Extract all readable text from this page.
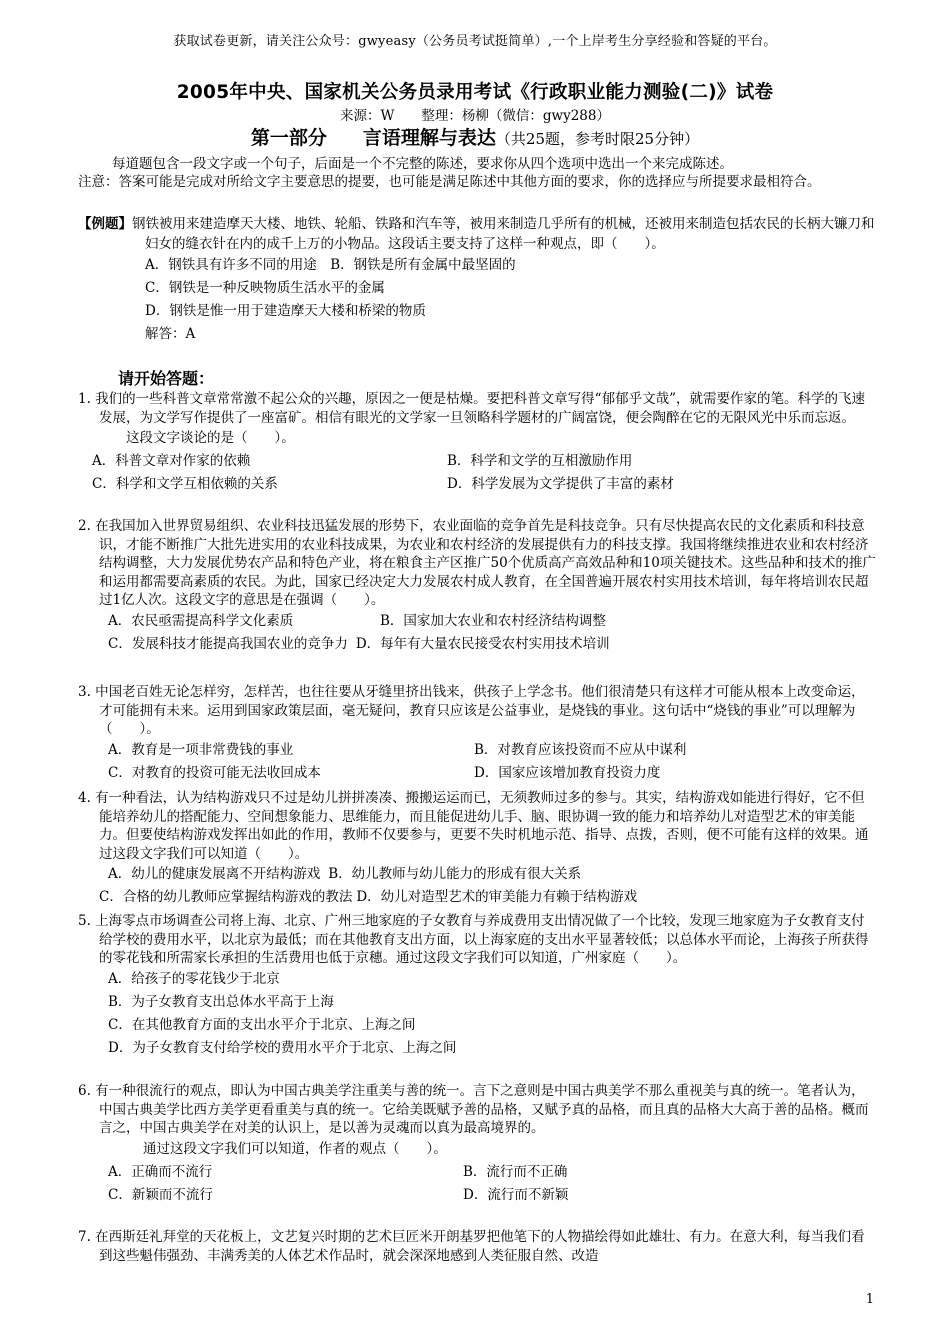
获取试卷更新，请关注公众号：gwyeasy（公务员考试挺简单）,一个上岸考生分享经验和答疑的平台。
2005年中央、国家机关公务员录用考试《行政职业能力测验(二)》试卷
来源：W　　整理：杨柳（微信：gwy288）
第一部分 言语理解与表达（共25题，参考时限25分钟）
每道题包含一段文字或一个句子，后面是一个不完整的陈述，要求你从四个选项中选出一个来完成陈述。
注意：答案可能是完成对所给文字主要意思的提要，也可能是满足陈述中其他方面的要求，你的选择应与所提要求最相符合。
【例题】钢铁被用来建造摩天大楼、地铁、轮船、铁路和汽车等，被用来制造几乎所有的机械，还被用来制造包括农民的长柄大镰刀和妇女的缝衣针在内的成千上万的小物品。这段话主要支持了这样一种观点，即（　　）。
A．钢铁具有许多不同的用途　B．钢铁是所有金属中最坚固的
C．钢铁是一种反映物质生活水平的金属
D．钢铁是惟一用于建造摩天大楼和桥梁的物质
解答：A
请开始答题：
1. 我们的一些科普文章常常激不起公众的兴趣，原因之一便是枯燥。要把科普文章写得“郁郁乎文哉”，就需要作家的笔。科学的飞速发展，为文学写作提供了一座富矿。相信有眼光的文学家一旦领略科学题材的广阔富饶，便会陶醉在它的无限风光中乐而忘返。
这段文字谈论的是（　　）。
A．科普文章对作家的依赖	B．科学和文学的互相激励作用
C．科学和文学互相依赖的关系	D．科学发展为文学提供了丰富的素材
2. 在我国加入世界贸易组织、农业科技迅猛发展的形势下，农业面临的竞争首先是科技竞争。只有尽快提高农民的文化素质和科技意识，才能不断推广大批先进实用的农业科技成果，为农业和农村经济的发展提供有力的科技支撑。我国将继续推进农业和农村经济结构调整，大力发展优势农产品和特色产业，将在粮食主产区推广50个优质高产高效品种和10项关键技术。这些品种和技术的推广和运用都需要高素质的农民。为此，国家已经决定大力发展农村成人教育，在全国普遍开展农村实用技术培训，每年将培训农民超过1亿人次。这段文字的意思是在强调（　　）。
A．农民亟需提高科学文化素质	B．国家加大农业和农村经济结构调整
C．发展科技才能提高我国农业的竞争力 D．每年有大量农民接受农村实用技术培训
3. 中国老百姓无论怎样穷，怎样苦，也往往要从牙缝里挤出钱来，供孩子上学念书。他们很清楚只有这样才可能从根本上改变命运，才可能拥有未来。运用到国家政策层面，毫无疑问，教育只应该是公益事业，是烧钱的事业。这句话中“烧钱的事业”可以理解为（　　）。
A．教育是一项非常费钱的事业	B．对教育应该投资而不应从中谋利
C．对教育的投资可能无法收回成本	D．国家应该增加教育投资力度
4. 有一种看法，认为结构游戏只不过是幼儿拼拼凑凑、搬搬运运而已，无须教师过多的参与。其实，结构游戏如能进行得好，它不但能培养幼儿的搭配能力、空间想象能力、思维能力，而且能促进幼儿手、脑、眼协调一致的能力和培养幼儿对造型艺术的审美能力。但要使结构游戏发挥出如此的作用，教师不仅要参与，更要不失时机地示范、指导、点拨，否则，便不可能有这样的效果。通过这段文字我们可以知道（　　）。
A．幼儿的健康发展离不开结构游戏 B．幼儿教师与幼儿能力的形成有很大关系
C．合格的幼儿教师应掌握结构游戏的教法 D．幼儿对造型艺术的审美能力有赖于结构游戏
5. 上海零点市场调查公司将上海、北京、广州三地家庭的子女教育与养成费用支出情况做了一个比较，发现三地家庭为子女教育支付给学校的费用水平，以北京为最低；而在其他教育支出方面，以上海家庭的支出水平显著较低；以总体水平而论，上海孩子所获得的零花钱和所需家长承担的生活费用也低于京穗。通过这段文字我们可以知道，广州家庭（　　）。
A．给孩子的零花钱少于北京
B．为子女教育支出总体水平高于上海
C．在其他教育方面的支出水平介于北京、上海之间
D．为子女教育支付给学校的费用水平介于北京、上海之间
6. 有一种很流行的观点，即认为中国古典美学注重美与善的统一。言下之意则是中国古典美学不那么重视美与真的统一。笔者认为，中国古典美学比西方美学更看重美与真的统一。它给美既赋予善的品格，又赋予真的品格，而且真的品格大大高于善的品格。概而言之，中国古典美学在对美的认识上，是以善为灵魂而以真为最高境界的。
通过这段文字我们可以知道，作者的观点（　　）。
A．正确而不流行	B．流行而不正确
C．新颖而不流行	D．流行而不新颖
7. 在西斯廷礼拜堂的天花板上，文艺复兴时期的艺术巨匠米开朗基罗把他笔下的人物描绘得如此雄壮、有力。在意大利，每当我们看到这些魁伟强劲、丰满秀美的人体艺术作品时，就会深深地感到人类征服自然、改造
1
